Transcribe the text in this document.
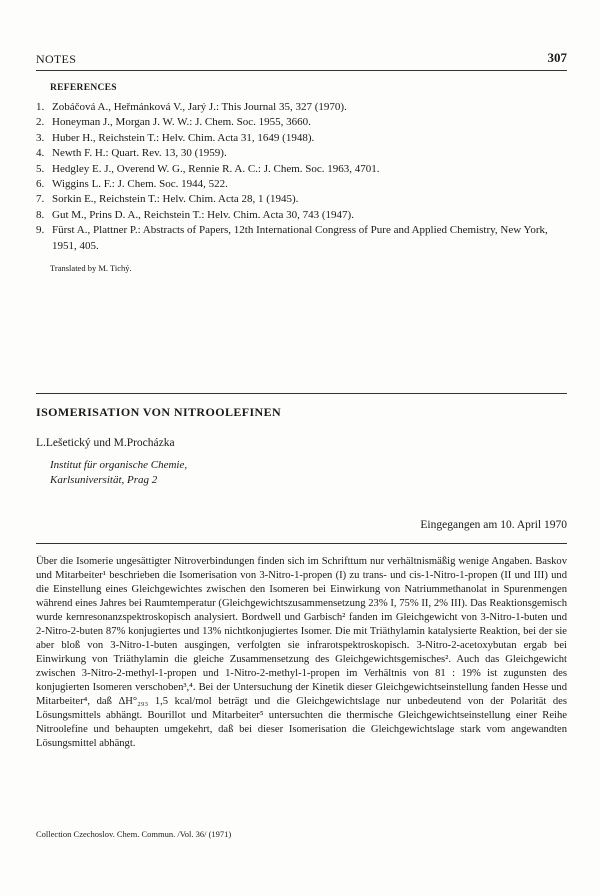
NOTES	307
REFERENCES
1. Zobáčová A., Heřmánková V., Jarý J.: This Journal 35, 327 (1970).
2. Honeyman J., Morgan J. W. W.: J. Chem. Soc. 1955, 3660.
3. Huber H., Reichstein T.: Helv. Chim. Acta 31, 1649 (1948).
4. Newth F. H.: Quart. Rev. 13, 30 (1959).
5. Hedgley E. J., Overend W. G., Rennie R. A. C.: J. Chem. Soc. 1963, 4701.
6. Wiggins L. F.: J. Chem. Soc. 1944, 522.
7. Sorkin E., Reichstein T.: Helv. Chim. Acta 28, 1 (1945).
8. Gut M., Prins D. A., Reichstein T.: Helv. Chim. Acta 30, 743 (1947).
9. Fürst A., Plattner P.: Abstracts of Papers, 12th International Congress of Pure and Applied Chemistry, New York, 1951, 405.
Translated by M. Tichý.
ISOMERISATION VON NITROOLEFINEN
L.Lešetický und M.Procházka
Institut für organische Chemie,
Karlsuniversität, Prag 2
Eingegangen am 10. April 1970

Über die Isomerie ungesättigter Nitroverbindungen finden sich im Schrifttum nur verhältnismäßig wenige Angaben. Baskov und Mitarbeiter¹ beschrieben die Isomerisation von 3-Nitro-1-propen (I) zu trans- und cis-1-Nitro-1-propen (II und III) und die Einstellung eines Gleichgewichtes zwischen den Isomeren bei Einwirkung von Natriummethanolat in Spurenmengen während eines Jahres bei Raumtemperatur (Gleichgewichtszusammensetzung 23% I, 75% II, 2% III). Das Reaktionsgemisch wurde kernresonanzspektroskopisch analysiert. Bordwell und Garbisch² fanden im Gleichgewicht von 3-Nitro-1-buten und 2-Nitro-2-buten 87% konjugiertes und 13% nichtkonjugiertes Isomer. Die mit Triäthylamin katalysierte Reaktion, bei der sie aber bloß von 3-Nitro-1-buten ausgingen, verfolgten sie infrarotspektroskopisch. 3-Nitro-2-acetoxybutan ergab bei Einwirkung von Triäthylamin die gleiche Zusammensetzung des Gleichgewichtsgemisches². Auch das Gleichgewicht zwischen 3-Nitro-2-methyl-1-propen und 1-Nitro-2-methyl-1-propen im Verhältnis von 81 : 19% ist zugunsten des konjugierten Isomeren verschoben³,⁴. Bei der Untersuchung der Kinetik dieser Gleichgewichtseinstellung fanden Hesse und Mitarbeiter⁴, daß ΔH°₂₉₃ 1,5 kcal/mol beträgt und die Gleichgewichtslage nur unbedeutend von der Polarität des Lösungsmittels abhängt. Bourillot und Mitarbeiter⁵ untersuchten die thermische Gleichgewichtseinstellung einer Reihe Nitroolefine und behaupten umgekehrt, daß bei dieser Isomerisation die Gleichgewichtslage stark vom angewandten Lösungsmittel abhängt.

Collection Czechoslov. Chem. Commun. /Vol. 36/ (1971)
